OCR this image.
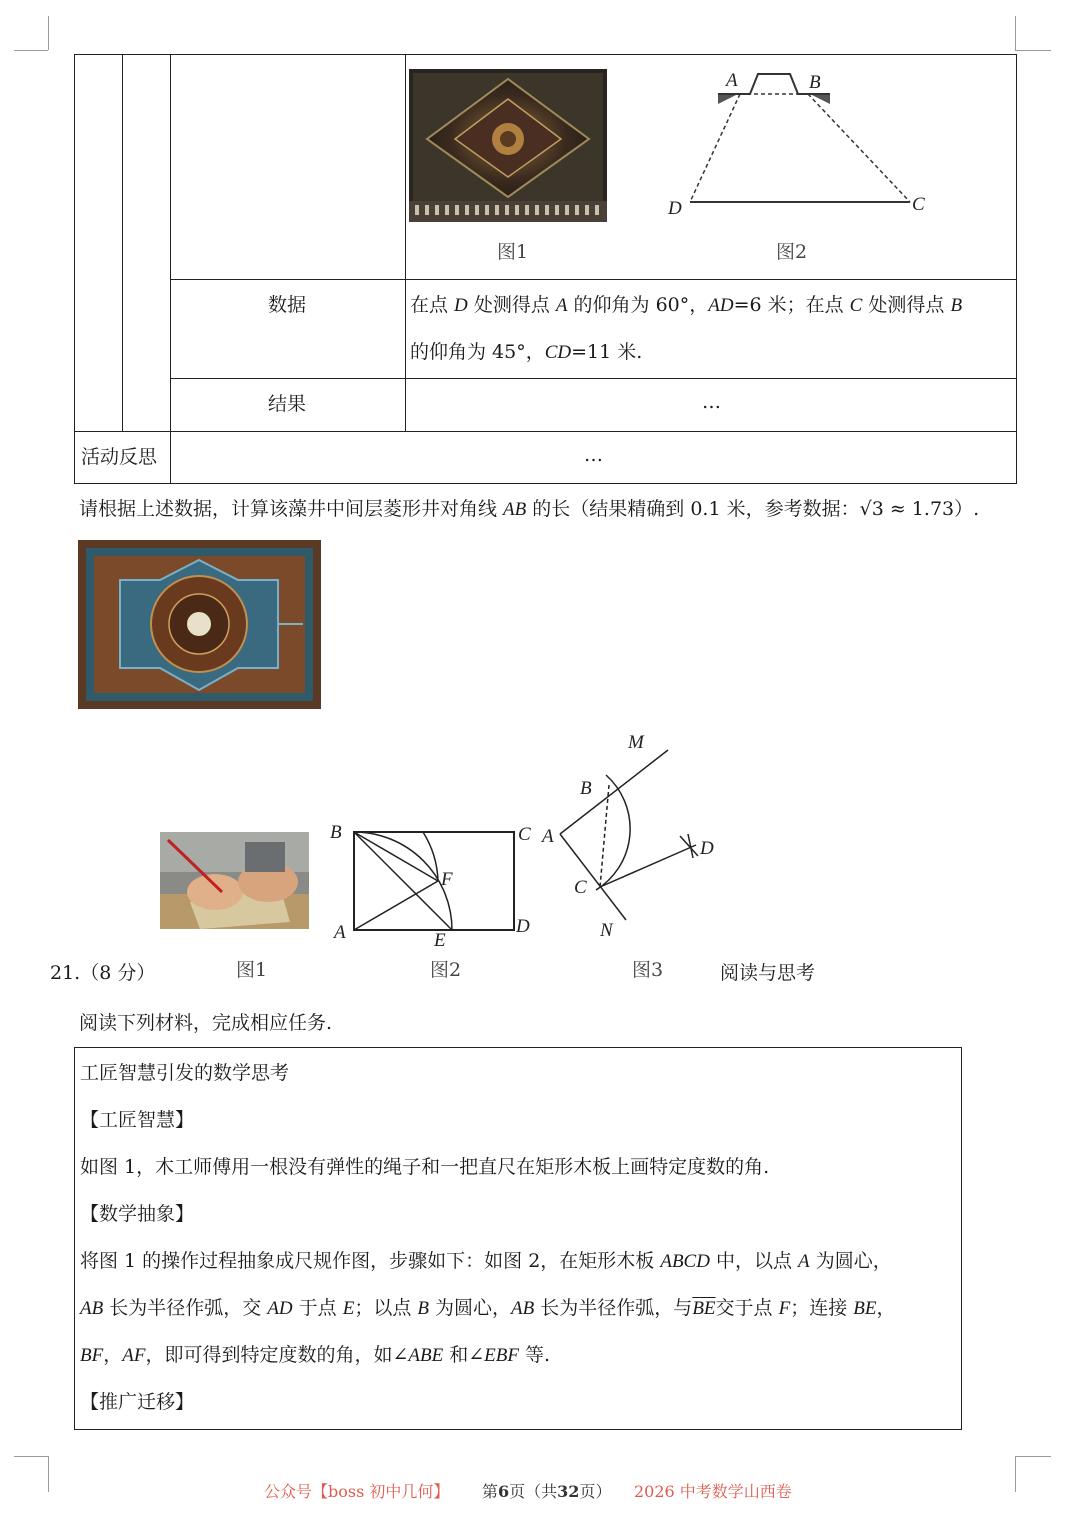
图1
A	B
C
D
图2
数据	在点 D 处测得点 A 的仰角为 60°，AD=6 米；在点 C 处测得点 B
的仰角为 45°，CD=11 米.
结果	…
活动反思	…
请根据上述数据，计算该藻井中间层菱形井对角线 AB 的长（结果精确到 0.1 米，参考数据：√3 ≈ 1.73）.
图1
B	C
A	D
E
F
图2
M
B
A
C
D
N
图3
21.（8 分）	阅读与思考
阅读下列材料，完成相应任务.
工匠智慧引发的数学思考
【工匠智慧】
如图 1，木工师傅用一根没有弹性的绳子和一把直尺在矩形木板上画特定度数的角.
【数学抽象】
将图 1 的操作过程抽象成尺规作图，步骤如下：如图 2，在矩形木板 ABCD 中，以点 A 为圆心，
AB 长为半径作弧，交 AD 于点 E；以点 B 为圆心，AB 长为半径作弧，与$\overline{BE}$交于点 F；连接 BE，
BF，AF，即可得到特定度数的角，如∠ABE 和∠EBF 等.
【推广迁移】
公众号【boss 初中几何】 第6页（共32页） 2026 中考数学山西卷
